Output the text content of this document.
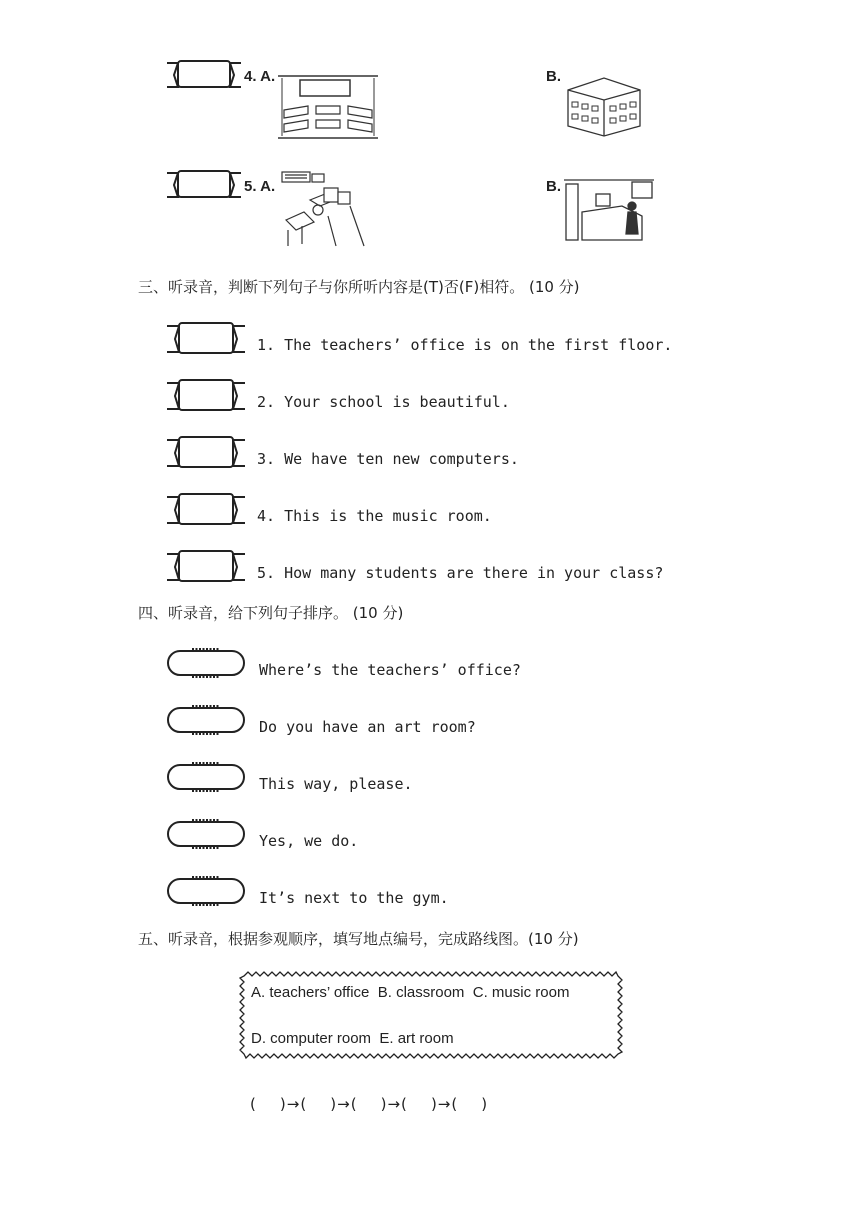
4. A.	B.
5. A.	B.
三、听录音，判断下列句子与你所听内容是(T)否(F)相符。 (10 分)
1. The teachers’ office is on the first floor.
2. Your school is beautiful.
3. We have ten new computers.
4. This is the music room.
5. How many students are there in your class?
四、听录音，给下列句子排序。 (10 分)
Where’s the teachers’ office?
Do you have an art room?
This way, please.
Yes, we do.
It’s next to the gym.
五、听录音，根据参观顺序，填写地点编号，完成路线图。(10 分)
A. teachers’ office  B. classroom  C. music room
D. computer room  E. art room
(    )→(    )→(    )→(    )→(    )
